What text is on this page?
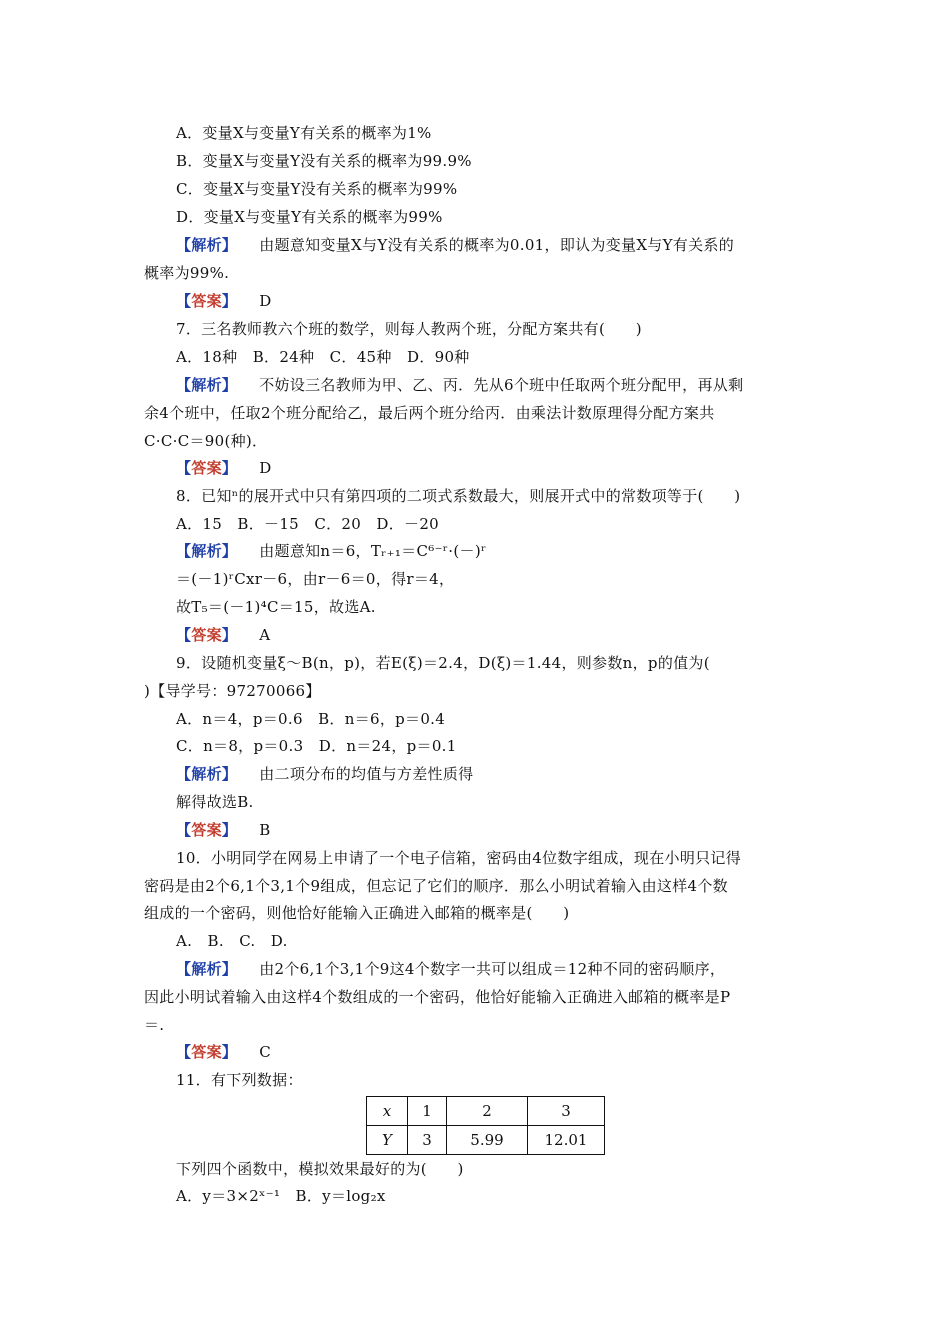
A．变量X与变量Y有关系的概率为1%
B．变量X与变量Y没有关系的概率为99.9%
C．变量X与变量Y没有关系的概率为99%
D．变量X与变量Y有关系的概率为99%
【解析】 由题意知变量X与Y没有关系的概率为0.01，即认为变量X与Y有关系的
概率为99%.
【答案】 D
7．三名教师教六个班的数学，则每人教两个班，分配方案共有(　　)
A．18种　B．24种　C．45种　D．90种
【解析】 不妨设三名教师为甲、乙、丙．先从6个班中任取两个班分配甲，再从剩
余4个班中，任取2个班分配给乙，最后两个班分给丙．由乘法计数原理得分配方案共
C·C·C＝90(种)．
【答案】 D
8．已知ⁿ的展开式中只有第四项的二项式系数最大，则展开式中的常数项等于(　　)
A．15　B．－15　C．20　D．－20
【解析】 由题意知n＝6，Tᵣ₊₁＝C⁶⁻ʳ·(－)ʳ
＝(－1)ʳCxr－6，由r－6＝0，得r＝4，
故T₅＝(－1)⁴C＝15，故选A.
【答案】 A
9．设随机变量ξ～B(n，p)，若E(ξ)＝2.4，D(ξ)＝1.44，则参数n，p的值为(
)【导学号：97270066】
A．n＝4，p＝0.6　B．n＝6，p＝0.4
C．n＝8，p＝0.3　D．n＝24，p＝0.1
【解析】 由二项分布的均值与方差性质得
解得故选B.
【答案】 B
10．小明同学在网易上申请了一个电子信箱，密码由4位数字组成，现在小明只记得
密码是由2个6,1个3,1个9组成，但忘记了它们的顺序．那么小明试着输入由这样4个数
组成的一个密码，则他恰好能输入正确进入邮箱的概率是(　　)
A.　B.　C.　D.
【解析】 由2个6,1个3,1个9这4个数字一共可以组成＝12种不同的密码顺序，
因此小明试着输入由这样4个数组成的一个密码，他恰好能输入正确进入邮箱的概率是P
＝.
【答案】 C
11．有下列数据：
x	1	2	3
Y	3	5.99	12.01
下列四个函数中，模拟效果最好的为(　　)
A．y＝3×2ˣ⁻¹　B．y＝log₂x
